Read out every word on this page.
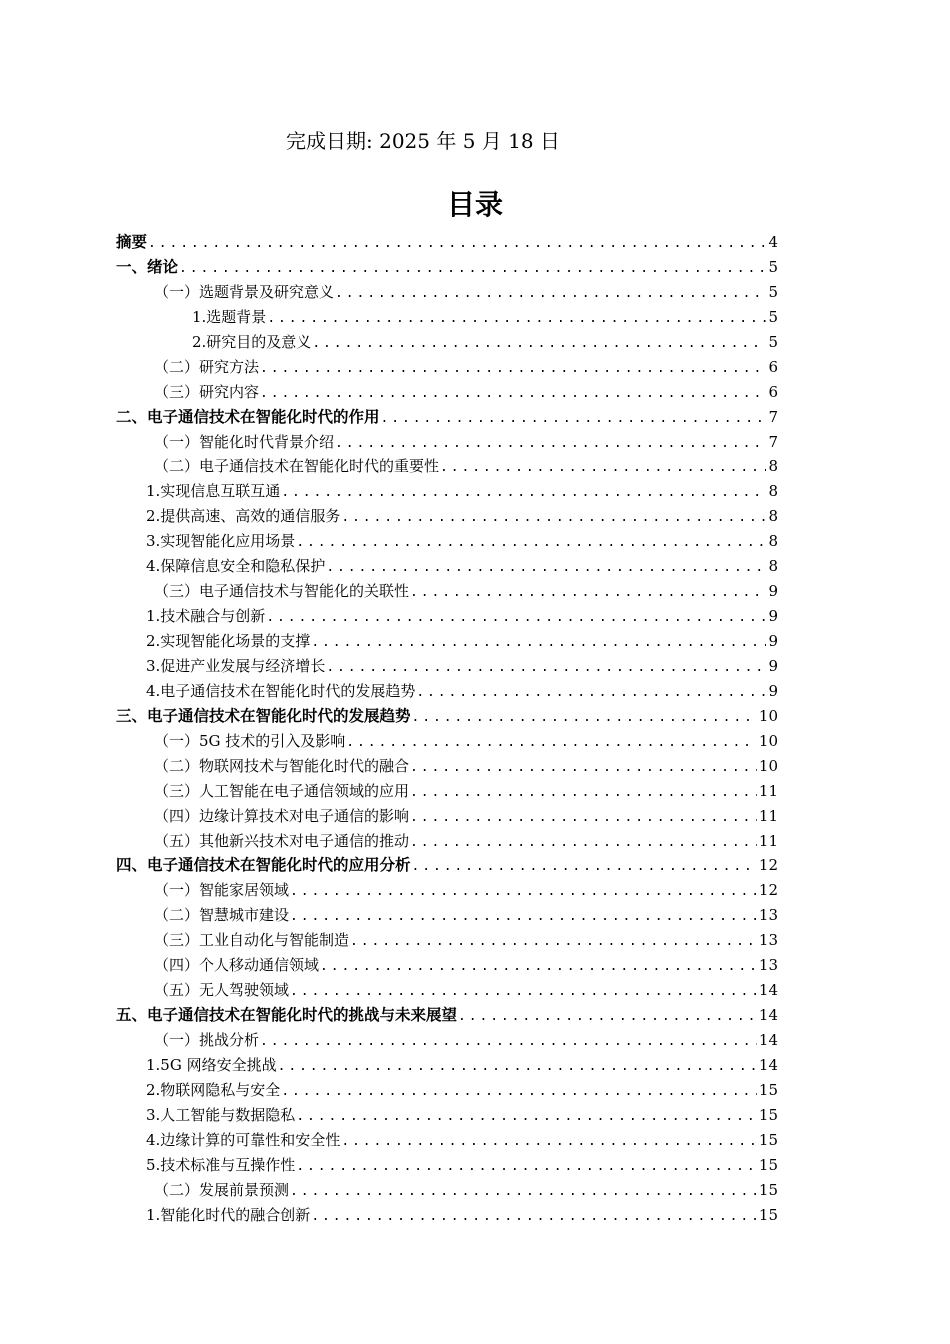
完成日期: 2025 年 5 月 18 日
目录
摘要 .....	4
一、绪论 .....	5
（一）选题背景及研究意义 .....	5
1.选题背景 .....	5
2.研究目的及意义 .....	5
（二）研究方法 .....	6
（三）研究内容 .....	6
二、电子通信技术在智能化时代的作用 .....	7
（一）智能化时代背景介绍 .....	7
（二）电子通信技术在智能化时代的重要性 .....	8
1.实现信息互联互通 .....	8
2.提供高速、高效的通信服务 .....	8
3.实现智能化应用场景 .....	8
4.保障信息安全和隐私保护 .....	8
（三）电子通信技术与智能化的关联性 .....	9
1.技术融合与创新 .....	9
2.实现智能化场景的支撑 .....	9
3.促进产业发展与经济增长 .....	9
4.电子通信技术在智能化时代的发展趋势 .....	9
三、电子通信技术在智能化时代的发展趋势 .....	10
（一）5G 技术的引入及影响 .....	10
（二）物联网技术与智能化时代的融合 .....	10
（三）人工智能在电子通信领域的应用 .....	11
（四）边缘计算技术对电子通信的影响 .....	11
（五）其他新兴技术对电子通信的推动 .....	11
四、电子通信技术在智能化时代的应用分析 .....	12
（一）智能家居领域 .....	12
（二）智慧城市建设 .....	13
（三）工业自动化与智能制造 .....	13
（四）个人移动通信领域 .....	13
（五）无人驾驶领域 .....	14
五、电子通信技术在智能化时代的挑战与未来展望 .....	14
（一）挑战分析 .....	14
1.5G 网络安全挑战 .....	14
2.物联网隐私与安全 .....	15
3.人工智能与数据隐私 .....	15
4.边缘计算的可靠性和安全性 .....	15
5.技术标准与互操作性 .....	15
（二）发展前景预测 .....	15
1.智能化时代的融合创新 .....	15
